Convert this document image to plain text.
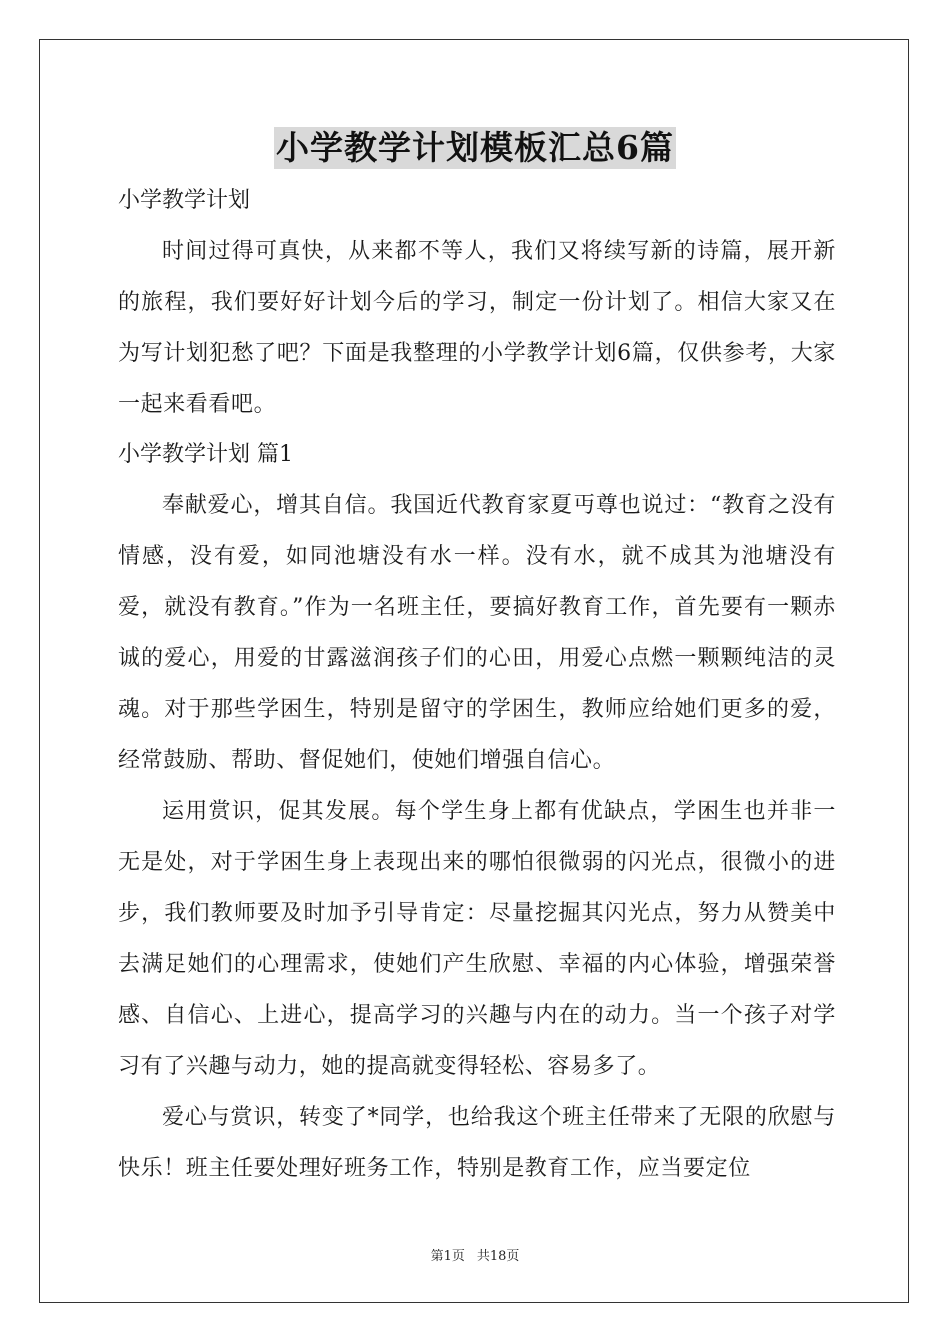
小学教学计划模板汇总6篇

小学教学计划

时间过得可真快，从来都不等人，我们又将续写新的诗篇，展开新的旅程，我们要好好计划今后的学习，制定一份计划了。相信大家又在为写计划犯愁了吧？下面是我整理的小学教学计划6篇，仅供参考，大家一起来看看吧。

小学教学计划 篇1

奉献爱心，增其自信。我国近代教育家夏丏尊也说过：“教育之没有情感，没有爱，如同池塘没有水一样。没有水，就不成其为池塘没有爱，就没有教育。”作为一名班主任，要搞好教育工作，首先要有一颗赤诚的爱心，用爱的甘露滋润孩子们的心田，用爱心点燃一颗颗纯洁的灵魂。对于那些学困生，特别是留守的学困生，教师应给她们更多的爱，经常鼓励、帮助、督促她们，使她们增强自信心。

运用赏识，促其发展。每个学生身上都有优缺点，学困生也并非一无是处，对于学困生身上表现出来的哪怕很微弱的闪光点，很微小的进步，我们教师要及时加予引导肯定：尽量挖掘其闪光点，努力从赞美中去满足她们的心理需求，使她们产生欣慰、幸福的内心体验，增强荣誉感、自信心、上进心，提高学习的兴趣与内在的动力。当一个孩子对学习有了兴趣与动力，她的提高就变得轻松、容易多了。

爱心与赏识，转变了*同学，也给我这个班主任带来了无限的欣慰与快乐！班主任要处理好班务工作，特别是教育工作，应当要定位

第1页 共18页
